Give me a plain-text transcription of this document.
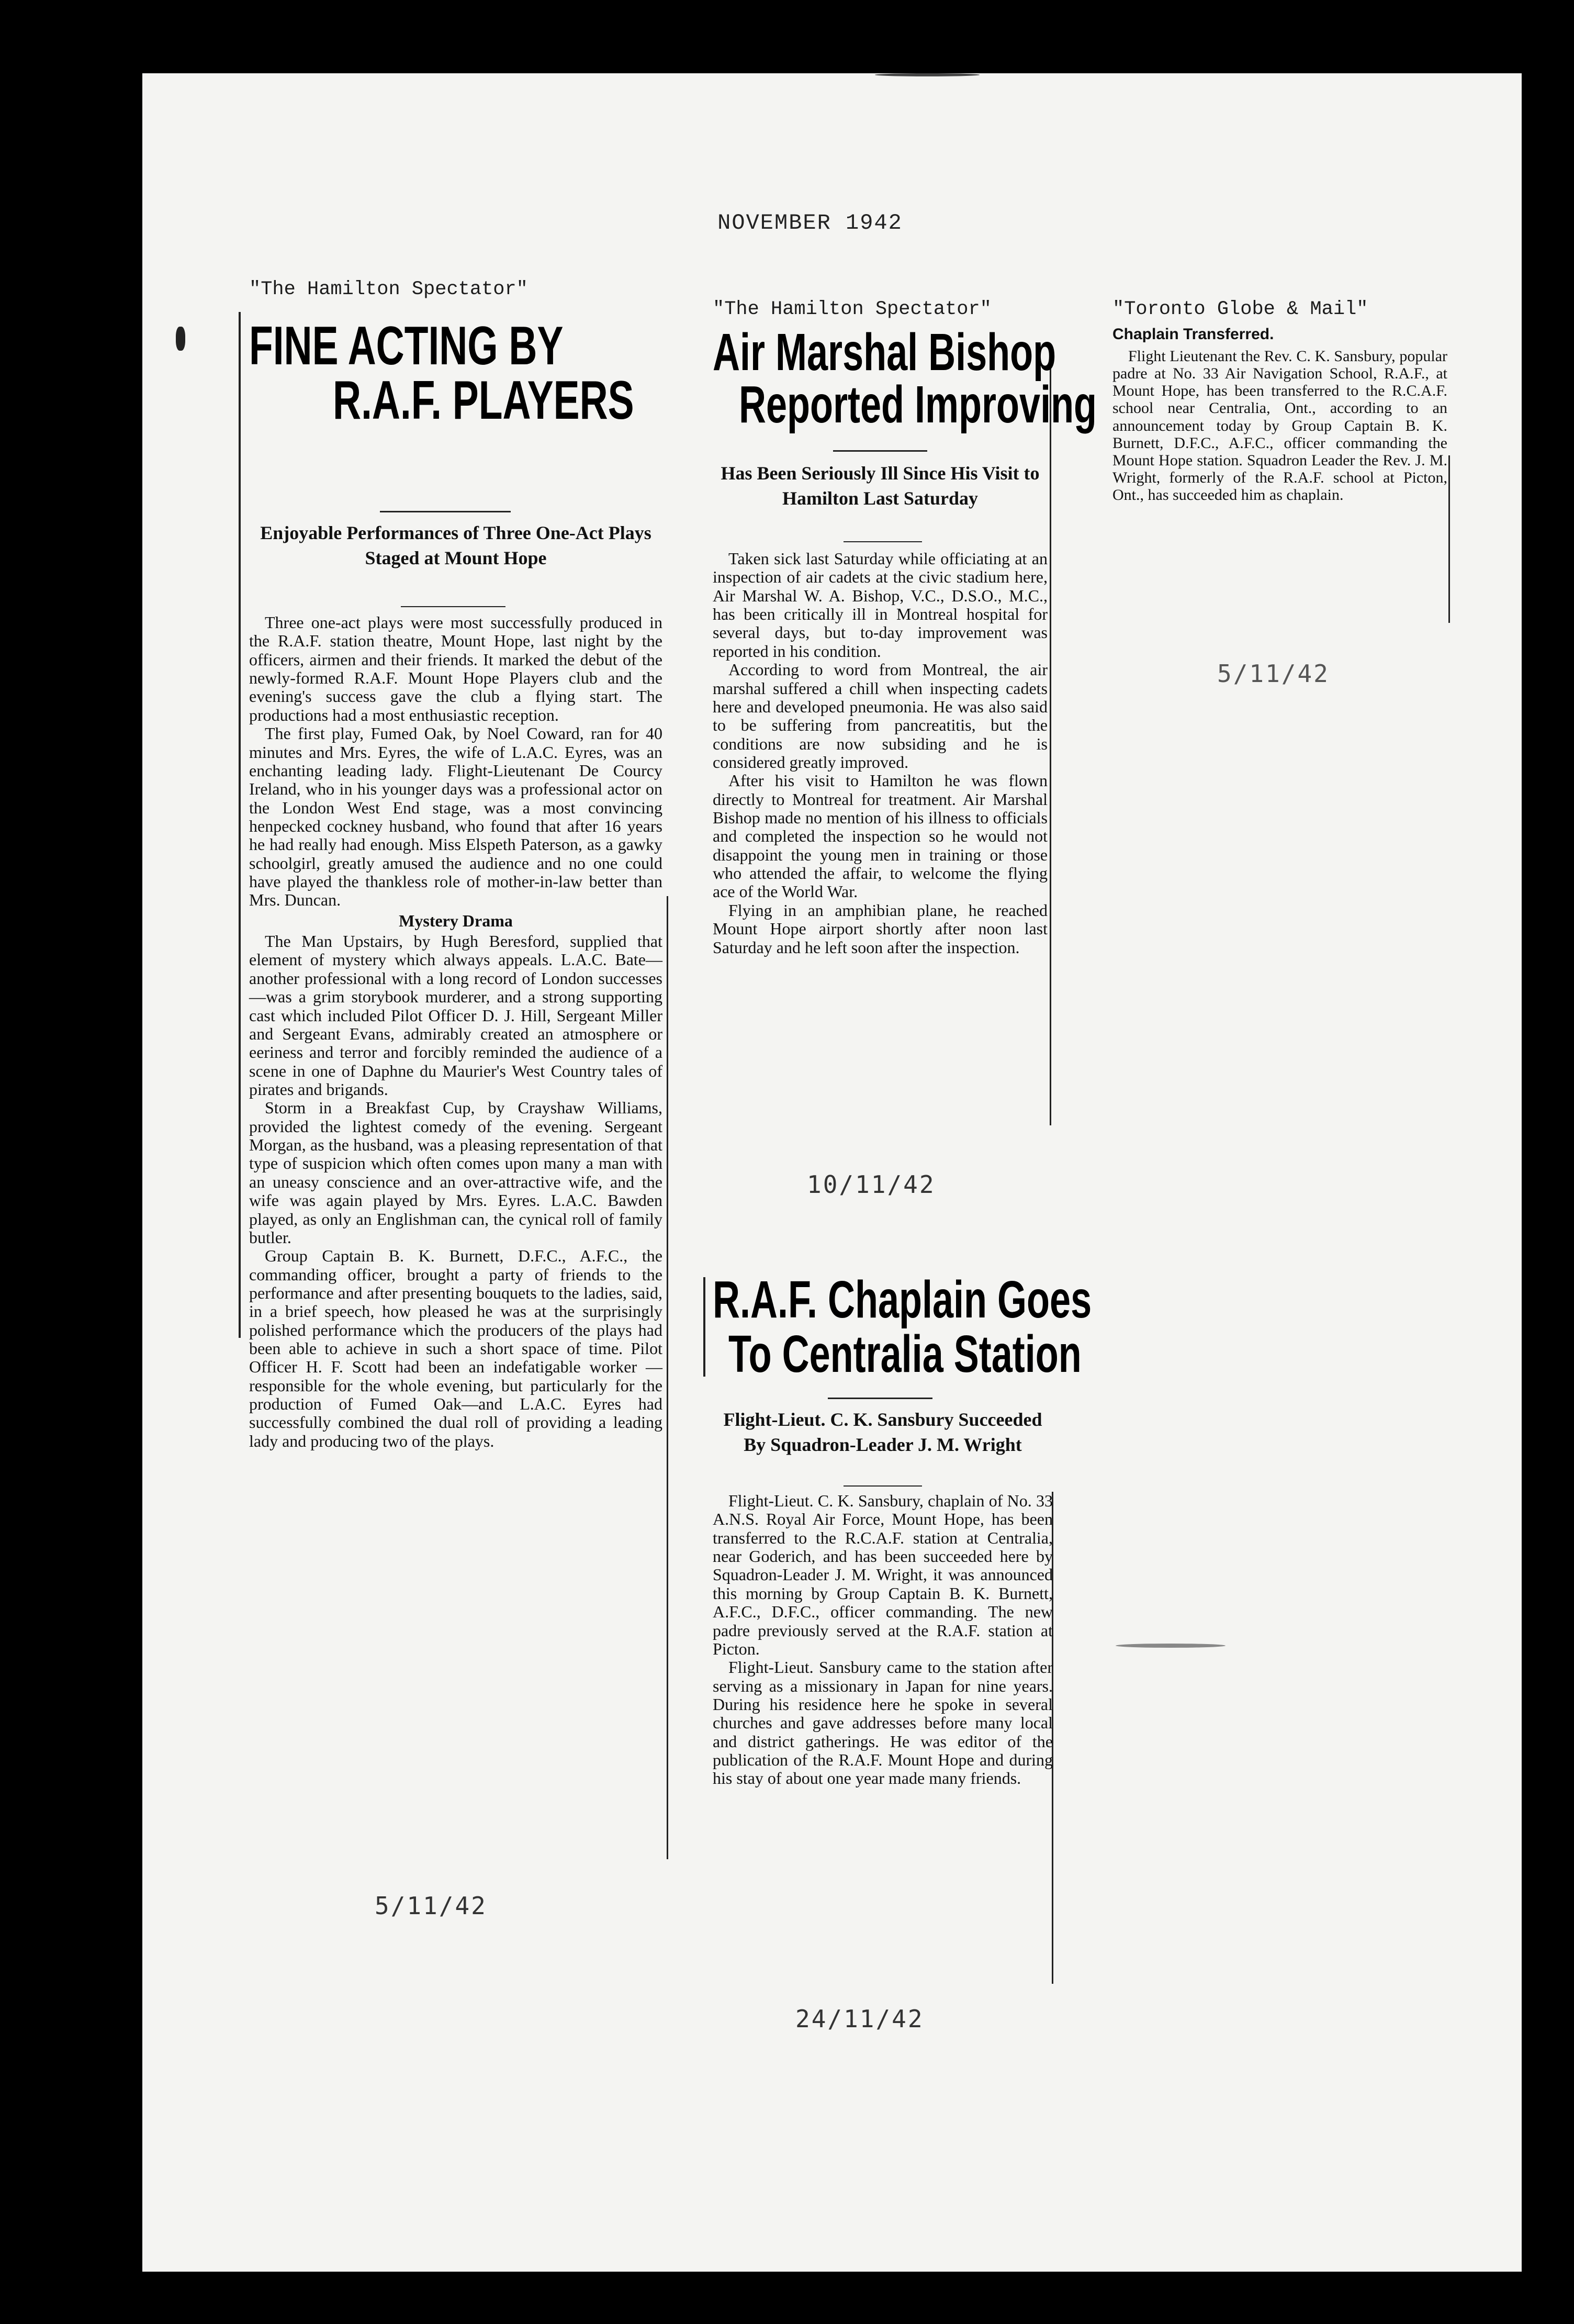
NOVEMBER 1942
"The Hamilton Spectator"
FINE ACTING BY
R.A.F. PLAYERS
Enjoyable Performances of Three One-Act Plays Staged at Mount Hope

Three one-act plays were most successfully produced in the R.A.F. station theatre, Mount Hope, last night by the officers, airmen and their friends. It marked the debut of the newly-formed R.A.F. Mount Hope Players club and the evening's success gave the club a flying start. The productions had a most enthusiastic reception.

The first play, Fumed Oak, by Noel Coward, ran for 40 minutes and Mrs. Eyres, the wife of L.A.C. Eyres, was an enchanting leading lady. Flight-Lieutenant De Courcy Ireland, who in his younger days was a professional actor on the London West End stage, was a most convincing henpecked cockney husband, who found that after 16 years he had really had enough. Miss Elspeth Paterson, as a gawky schoolgirl, greatly amused the audience and no one could have played the thankless role of mother-in-law better than Mrs. Duncan.

Mystery Drama

The Man Upstairs, by Hugh Beresford, supplied that element of mystery which always appeals. L.A.C. Bate—another professional with a long record of London successes—was a grim storybook murderer, and a strong supporting cast which included Pilot Officer D. J. Hill, Sergeant Miller and Sergeant Evans, admirably created an atmosphere or eeriness and terror and forcibly reminded the audience of a scene in one of Daphne du Maurier's West Country tales of pirates and brigands.

Storm in a Breakfast Cup, by Crayshaw Williams, provided the lightest comedy of the evening. Sergeant Morgan, as the husband, was a pleasing representation of that type of suspicion which often comes upon many a man with an uneasy conscience and an over-attractive wife, and the wife was again played by Mrs. Eyres. L.A.C. Bawden played, as only an Englishman can, the cynical roll of family butler.

Group Captain B. K. Burnett, D.F.C., A.F.C., the commanding officer, brought a party of friends to the performance and after presenting bouquets to the ladies, said, in a brief speech, how pleased he was at the surprisingly polished performance which the producers of the plays had been able to achieve in such a short space of time. Pilot Officer H. F. Scott had been an indefatigable worker — responsible for the whole evening, but particularly for the production of Fumed Oak—and L.A.C. Eyres had successfully combined the dual roll of providing a leading lady and producing two of the plays.

5/11/42
"The Hamilton Spectator"
Air Marshal Bishop
Reported Improving
Has Been Seriously Ill Since His Visit to Hamilton Last Saturday

Taken sick last Saturday while officiating at an inspection of air cadets at the civic stadium here, Air Marshal W. A. Bishop, V.C., D.S.O., M.C., has been critically ill in Montreal hospital for several days, but to-day improvement was reported in his condition.

According to word from Montreal, the air marshal suffered a chill when inspecting cadets here and developed pneumonia. He was also said to be suffering from pancreatitis, but the conditions are now subsiding and he is considered greatly improved.

After his visit to Hamilton he was flown directly to Montreal for treatment. Air Marshal Bishop made no mention of his illness to officials and completed the inspection so he would not disappoint the young men in training or those who attended the affair, to welcome the flying ace of the World War.

Flying in an amphibian plane, he reached Mount Hope airport shortly after noon last Saturday and he left soon after the inspection.

10/11/42
"Toronto Globe & Mail"
Chaplain Transferred.

Flight Lieutenant the Rev. C. K. Sansbury, popular padre at No. 33 Air Navigation School, R.A.F., at Mount Hope, has been transferred to the R.C.A.F. school near Centralia, Ont., according to an announcement today by Group Captain B. K. Burnett, D.F.C., A.F.C., officer commanding the Mount Hope station. Squadron Leader the Rev. J. M. Wright, formerly of the R.A.F. school at Picton, Ont., has succeeded him as chaplain.

5/11/42
R.A.F. Chaplain Goes
To Centralia Station
Flight-Lieut. C. K. Sansbury Succeeded By Squadron-Leader J. M. Wright

Flight-Lieut. C. K. Sansbury, chaplain of No. 33 A.N.S. Royal Air Force, Mount Hope, has been transferred to the R.C.A.F. station at Centralia, near Goderich, and has been succeeded here by Squadron-Leader J. M. Wright, it was announced this morning by Group Captain B. K. Burnett, A.F.C., D.F.C., officer commanding. The new padre previously served at the R.A.F. station at Picton.

Flight-Lieut. Sansbury came to the station after serving as a missionary in Japan for nine years. During his residence here he spoke in several churches and gave addresses before many local and district gatherings. He was editor of the publication of the R.A.F. Mount Hope and during his stay of about one year made many friends.

24/11/42
